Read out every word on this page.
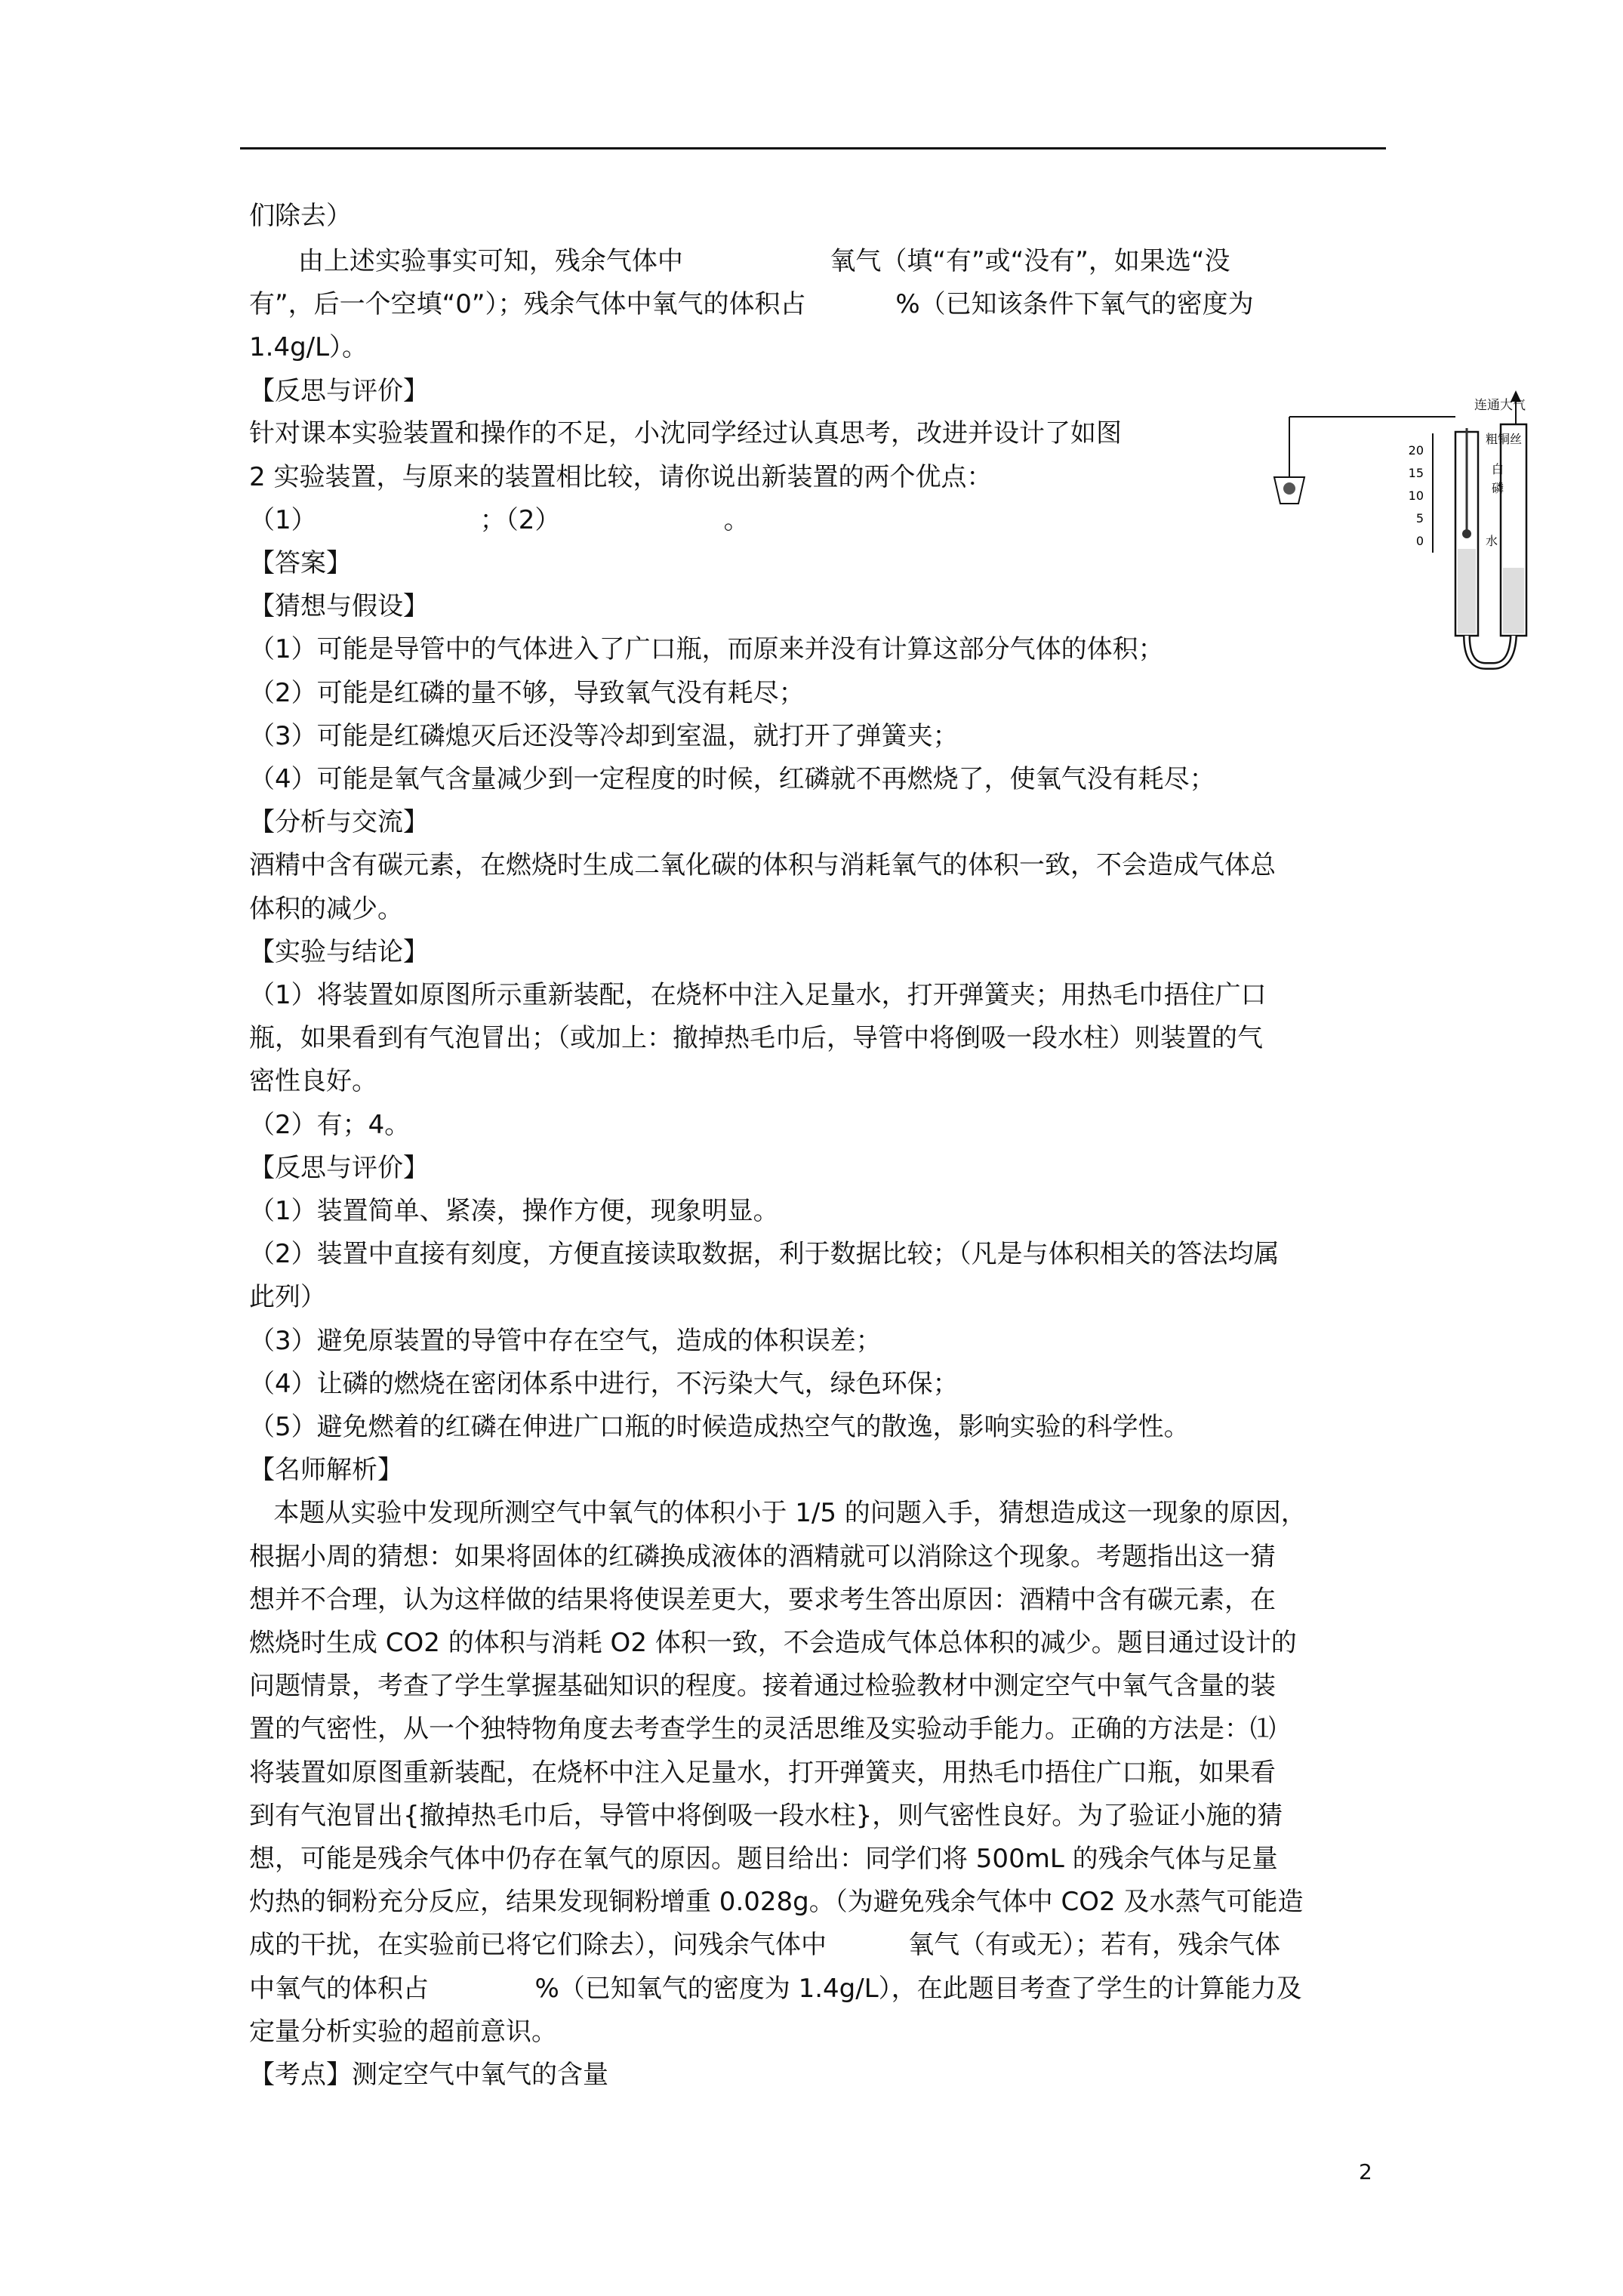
们除去）
由上述实验事实可知，残余气体中                  氧气（填“有”或“没有”，如果选“没
有”，后一个空填“0”）；残余气体中氧气的体积占           %（已知该条件下氧气的密度为
1.4g/L）。
【反思与评价】
针对课本实验装置和操作的不足，小沈同学经过认真思考，改进并设计了如图
2 实验装置，与原来的装置相比较，请你说出新装置的两个优点：
（1）                    ；（2）                    。
【答案】
【猜想与假设】
（1）可能是导管中的气体进入了广口瓶，而原来并没有计算这部分气体的体积；
（2）可能是红磷的量不够，导致氧气没有耗尽；
（3）可能是红磷熄灭后还没等冷却到室温，就打开了弹簧夹；
（4）可能是氧气含量减少到一定程度的时候，红磷就不再燃烧了，使氧气没有耗尽；
【分析与交流】
酒精中含有碳元素，在燃烧时生成二氧化碳的体积与消耗氧气的体积一致，不会造成气体总
体积的减少。
【实验与结论】
（1）将装置如原图所示重新装配，在烧杯中注入足量水，打开弹簧夹；用热毛巾捂住广口
瓶，如果看到有气泡冒出；（或加上：撤掉热毛巾后，导管中将倒吸一段水柱）则装置的气
密性良好。
（2）有；4。
【反思与评价】
（1）装置简单、紧凑，操作方便，现象明显。
（2）装置中直接有刻度，方便直接读取数据，利于数据比较；（凡是与体积相关的答法均属
此列）
（3）避免原装置的导管中存在空气，造成的体积误差；
（4）让磷的燃烧在密闭体系中进行，不污染大气，绿色环保；
（5）避免燃着的红磷在伸进广口瓶的时候造成热空气的散逸，影响实验的科学性。
【名师解析】
本题从实验中发现所测空气中氧气的体积小于 1/5 的问题入手，猜想造成这一现象的原因，
根据小周的猜想：如果将固体的红磷换成液体的酒精就可以消除这个现象。考题指出这一猜
想并不合理，认为这样做的结果将使误差更大，要求考生答出原因：酒精中含有碳元素，在
燃烧时生成 CO2 的体积与消耗 O2 体积一致，不会造成气体总体积的减少。题目通过设计的
问题情景，考查了学生掌握基础知识的程度。接着通过检验教材中测定空气中氧气含量的装
置的气密性，从一个独特物角度去考查学生的灵活思维及实验动手能力。正确的方法是：⑴
将装置如原图重新装配，在烧杯中注入足量水，打开弹簧夹，用热毛巾捂住广口瓶，如果看
到有气泡冒出{撤掉热毛巾后，导管中将倒吸一段水柱}，则气密性良好。为了验证小施的猜
想，可能是残余气体中仍存在氧气的原因。题目给出：同学们将 500mL 的残余气体与足量
灼热的铜粉充分反应，结果发现铜粉增重 0.028g。（为避免残余气体中 CO2 及水蒸气可能造
成的干扰，在实验前已将它们除去），问残余气体中          氧气（有或无）；若有，残余气体
中氧气的体积占             %（已知氧气的密度为 1.4g/L），在此题目考查了学生的计算能力及
定量分析实验的超前意识。
【考点】测定空气中氧气的含量
连通大气
20
15
10
5
0
粗铜丝
白
磷
水
2
